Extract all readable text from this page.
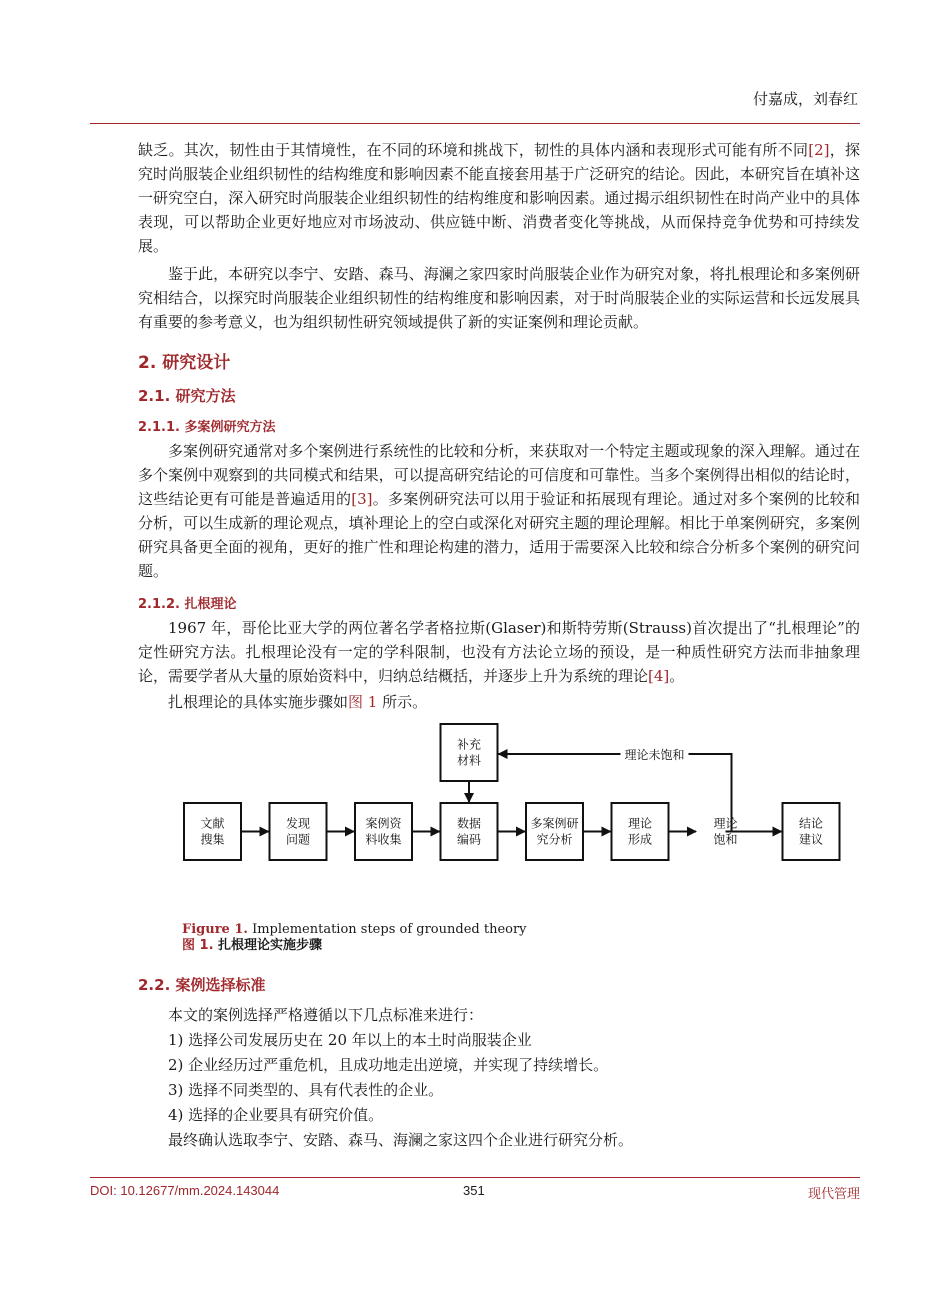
付嘉成，刘春红

缺乏。其次，韧性由于其情境性，在不同的环境和挑战下，韧性的具体内涵和表现形式可能有所不同[2]，探究时尚服装企业组织韧性的结构维度和影响因素不能直接套用基于广泛研究的结论。因此，本研究旨在填补这一研究空白，深入研究时尚服装企业组织韧性的结构维度和影响因素。通过揭示组织韧性在时尚产业中的具体表现，可以帮助企业更好地应对市场波动、供应链中断、消费者变化等挑战，从而保持竞争优势和可持续发展。

鉴于此，本研究以李宁、安踏、森马、海澜之家四家时尚服装企业作为研究对象，将扎根理论和多案例研究相结合，以探究时尚服装企业组织韧性的结构维度和影响因素，对于时尚服装企业的实际运营和长远发展具有重要的参考意义，也为组织韧性研究领域提供了新的实证案例和理论贡献。

2. 研究设计
2.1. 研究方法
2.1.1. 多案例研究方法

多案例研究通常对多个案例进行系统性的比较和分析，来获取对一个特定主题或现象的深入理解。通过在多个案例中观察到的共同模式和结果，可以提高研究结论的可信度和可靠性。当多个案例得出相似的结论时，这些结论更有可能是普遍适用的[3]。多案例研究法可以用于验证和拓展现有理论。通过对多个案例的比较和分析，可以生成新的理论观点，填补理论上的空白或深化对研究主题的理论理解。相比于单案例研究，多案例研究具备更全面的视角，更好的推广性和理论构建的潜力，适用于需要深入比较和综合分析多个案例的研究问题。

2.1.2. 扎根理论

1967 年，哥伦比亚大学的两位著名学者格拉斯(Glaser)和斯特劳斯(Strauss)首次提出了“扎根理论”的定性研究方法。扎根理论没有一定的学科限制，也没有方法论立场的预设，是一种质性研究方法而非抽象理论，需要学者从大量的原始资料中，归纳总结概括，并逐步上升为系统的理论[4]。

扎根理论的具体实施步骤如图 1 所示。

文献
搜集
发现
问题
案例资
料收集
数据
编码
多案例研
究分析
理论
形成
理论
饱和
结论
建议
补充
材料	理论未饱和

Figure 1. Implementation steps of grounded theory

图 1. 扎根理论实施步骤

2.2. 案例选择标准

本文的案例选择严格遵循以下几点标准来进行：

1) 选择公司发展历史在 20 年以上的本土时尚服装企业

2) 企业经历过严重危机，且成功地走出逆境，并实现了持续增长。

3) 选择不同类型的、具有代表性的企业。

4) 选择的企业要具有研究价值。

最终确认选取李宁、安踏、森马、海澜之家这四个企业进行研究分析。

DOI: 10.12677/mm.2024.143044	351	现代管理
